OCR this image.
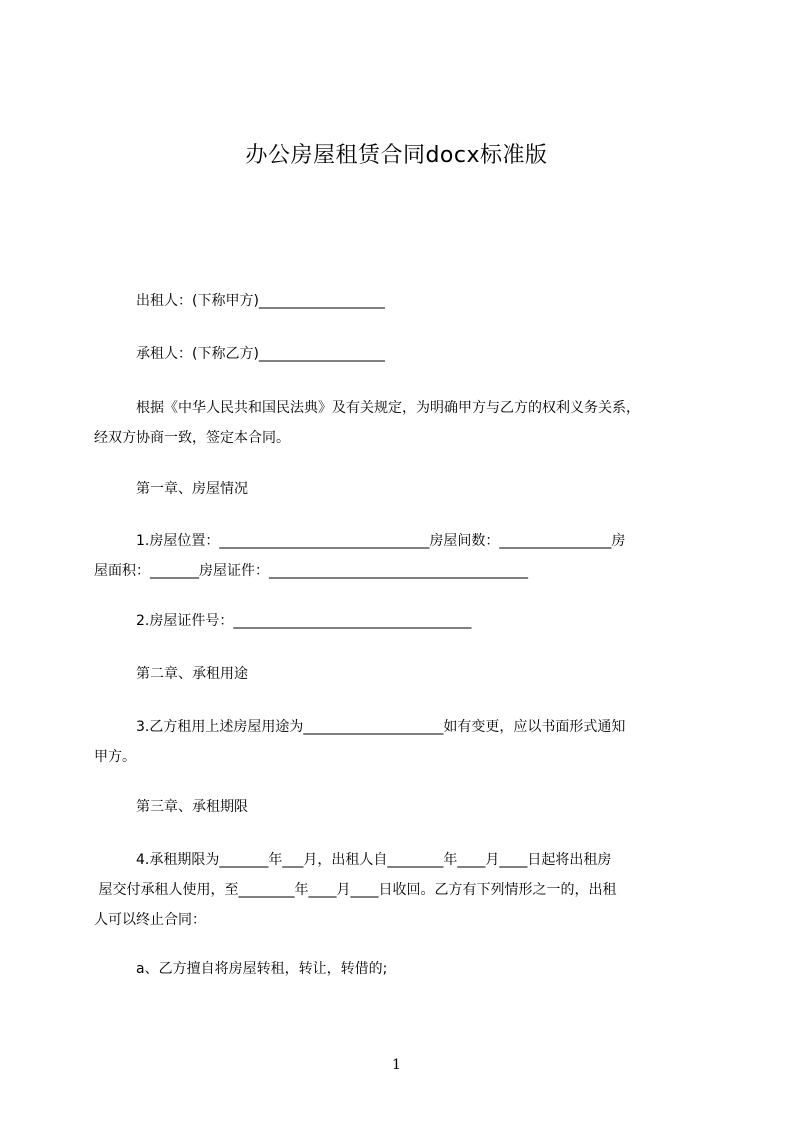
办公房屋租赁合同docx标准版
出租人：(下称甲方)__________________
承租人：(下称乙方)__________________
根据《中华人民共和国民法典》及有关规定，为明确甲方与乙方的权利义务关系，
经双方协商一致，签定本合同。
第一章、房屋情况
1.房屋位置：______________________________房屋间数：________________房
屋面积：_______房屋证件：_____________________________________
2.房屋证件号：__________________________________
第二章、承租用途
3.乙方租用上述房屋用途为____________________如有变更，应以书面形式通知
甲方。
第三章、承租期限
4.承租期限为_______年___月，出租人自________年____月____日起将出租房
屋交付承租人使用，至________年____月____日收回。乙方有下列情形之一的，出租
人可以终止合同：
a、乙方擅自将房屋转租，转让，转借的;
1
